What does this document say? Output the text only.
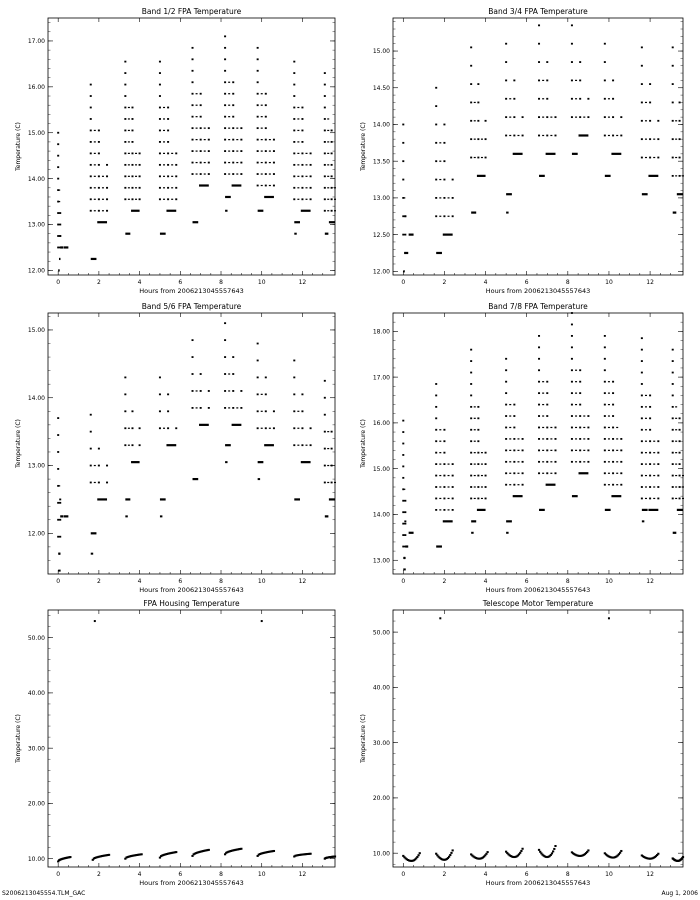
Band 1/2 FPA Temperature
0	2	4	6	8	10	12
12.00
13.00
14.00
15.00
16.00
17.00
Hours from 2006213045557643
Temperature (C)
Band 3/4 FPA Temperature
0	2	4	6	8	10	12
12.00
12.50
13.00
13.50
14.00
14.50
15.00
Hours from 2006213045557643
Temperature (C)
Band 5/6 FPA Temperature
0	2	4	6	8	10	12
12.00
13.00
14.00
15.00
Hours from 2006213045557643
Temperature (C)
Band 7/8 FPA Temperature
0	2	4	6	8	10	12
13.00
14.00
15.00
16.00
17.00
18.00
Hours from 2006213045557643
Temperature (C)
FPA Housing Temperature
0	2	4	6	8	10	12
10.00
20.00
30.00
40.00
50.00
Hours from 2006213045557643
Temperature (C)
Telescope Motor Temperature
0	2	4	6	8	10	12
10.00
20.00
30.00
40.00
50.00
Hours from 2006213045557643
Temperature (C)
S2006213045554.TLM_GAC	Aug 1, 2006
